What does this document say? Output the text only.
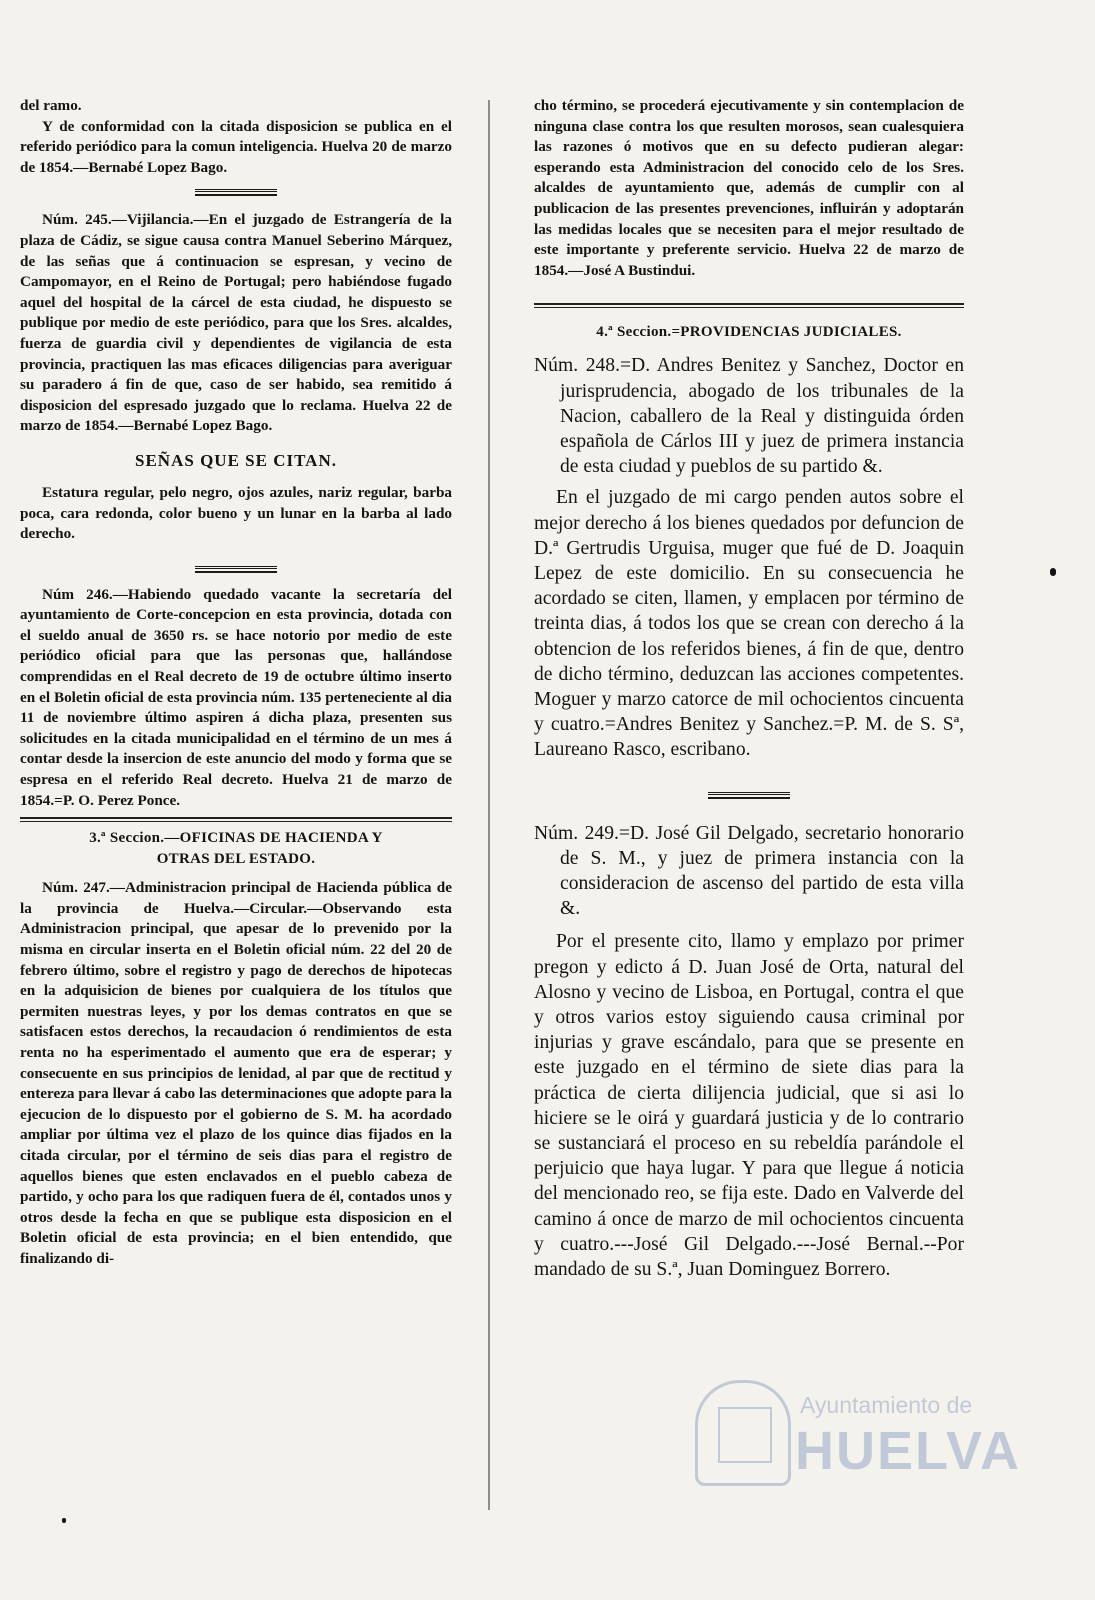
del ramo.

Y de conformidad con la citada disposicion se publica en el referido periódico para la comun inteligencia. Huelva 20 de marzo de 1854.—Bernabé Lopez Bago.

Núm. 245.—Vijilancia.—En el juzgado de Estrangería de la plaza de Cádiz, se sigue causa contra Manuel Seberino Márquez, de las señas que á continuacion se espresan, y vecino de Campomayor, en el Reino de Portugal; pero habiéndose fugado aquel del hospital de la cárcel de esta ciudad, he dispuesto se publique por medio de este periódico, para que los Sres. alcaldes, fuerza de guardia civil y dependientes de vigilancia de esta provincia, practiquen las mas eficaces diligencias para averiguar su paradero á fin de que, caso de ser habido, sea remitido á disposicion del espresado juzgado que lo reclama. Huelva 22 de marzo de 1854.—Bernabé Lopez Bago.

SEÑAS QUE SE CITAN.

Estatura regular, pelo negro, ojos azules, nariz regular, barba poca, cara redonda, color bueno y un lunar en la barba al lado derecho.

Núm 246.—Habiendo quedado vacante la secretaría del ayuntamiento de Corte-concepcion en esta provincia, dotada con el sueldo anual de 3650 rs. se hace notorio por medio de este periódico oficial para que las personas que, hallándose comprendidas en el Real decreto de 19 de octubre último inserto en el Boletin oficial de esta provincia núm. 135 perteneciente al dia 11 de noviembre último aspiren á dicha plaza, presenten sus solicitudes en la citada municipalidad en el término de un mes á contar desde la insercion de este anuncio del modo y forma que se espresa en el referido Real decreto. Huelva 21 de marzo de 1854.=P. O. Perez Ponce.

3.ª Seccion.—OFICINAS DE HACIENDA Y
OTRAS DEL ESTADO.

Núm. 247.—Administracion principal de Hacienda pública de la provincia de Huelva.—Circular.—Observando esta Administracion principal, que apesar de lo prevenido por la misma en circular inserta en el Boletin oficial núm. 22 del 20 de febrero último, sobre el registro y pago de derechos de hipotecas en la adquisicion de bienes por cualquiera de los títulos que permiten nuestras leyes, y por los demas contratos en que se satisfacen estos derechos, la recaudacion ó rendimientos de esta renta no ha esperimentado el aumento que era de esperar; y consecuente en sus principios de lenidad, al par que de rectitud y entereza para llevar á cabo las determinaciones que adopte para la ejecucion de lo dispuesto por el gobierno de S. M. ha acordado ampliar por última vez el plazo de los quince dias fijados en la citada circular, por el término de seis dias para el registro de aquellos bienes que esten enclavados en el pueblo cabeza de partido, y ocho para los que radiquen fuera de él, contados unos y otros desde la fecha en que se publique esta disposicion en el Boletin oficial de esta provincia; en el bien entendido, que finalizando di-

cho término, se procederá ejecutivamente y sin contemplacion de ninguna clase contra los que resulten morosos, sean cualesquiera las razones ó motivos que en su defecto pudieran alegar: esperando esta Administracion del conocido celo de los Sres. alcaldes de ayuntamiento que, además de cumplir con al publicacion de las presentes prevenciones, influirán y adoptarán las medidas locales que se necesiten para el mejor resultado de este importante y preferente servicio. Huelva 22 de marzo de 1854.—José A Bustindui.

4.ª Seccion.=PROVIDENCIAS JUDICIALES.

Núm. 248.=D. Andres Benitez y Sanchez, Doctor en jurisprudencia, abogado de los tribunales de la Nacion, caballero de la Real y distinguida órden española de Cárlos III y juez de primera instancia de esta ciudad y pueblos de su partido &.

En el juzgado de mi cargo penden autos sobre el mejor derecho á los bienes quedados por defuncion de D.ª Gertrudis Urguisa, muger que fué de D. Joaquin Lepez de este domicilio. En su consecuencia he acordado se citen, llamen, y emplacen por término de treinta dias, á todos los que se crean con derecho á la obtencion de los referidos bienes, á fin de que, dentro de dicho término, deduzcan las acciones competentes. Moguer y marzo catorce de mil ochocientos cincuenta y cuatro.=Andres Benitez y Sanchez.=P. M. de S. Sª, Laureano Rasco, escribano.

Núm. 249.=D. José Gil Delgado, secretario honorario de S. M., y juez de primera instancia con la consideracion de ascenso del partido de esta villa &.

Por el presente cito, llamo y emplazo por primer pregon y edicto á D. Juan José de Orta, natural del Alosno y vecino de Lisboa, en Portugal, contra el que y otros varios estoy siguiendo causa criminal por injurias y grave escándalo, para que se presente en este juzgado en el término de siete dias para la práctica de cierta dilijencia judicial, que si asi lo hiciere se le oirá y guardará justicia y de lo contrario se sustanciará el proceso en su rebeldía parándole el perjuicio que haya lugar. Y para que llegue á noticia del mencionado reo, se fija este. Dado en Valverde del camino á once de marzo de mil ochocientos cincuenta y cuatro.---José Gil Delgado.---José Bernal.--Por mandado de su S.ª, Juan Dominguez Borrero.

Ayuntamiento de
HUELVA
